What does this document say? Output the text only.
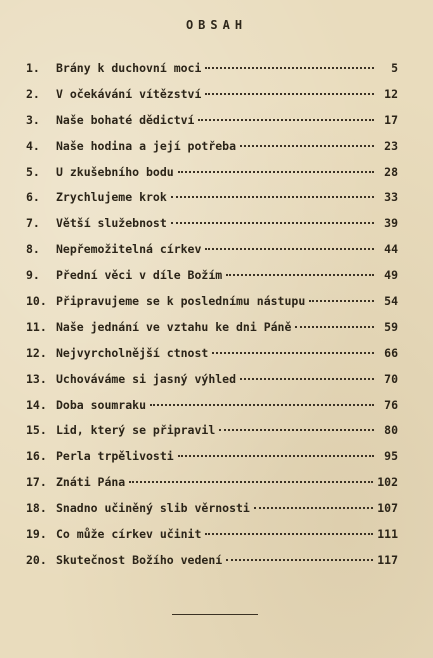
OBSAH
1.	Brány k duchovní moci	5
2.	V očekávání vítězství	12
3.	Naše bohaté dědictví	17
4.	Naše hodina a její potřeba	23
5.	U zkušebního bodu	28
6.	Zrychlujeme krok	33
7.	Větší služebnost	39
8.	Nepřemožitelná církev	44
9.	Přední věci v díle Božím	49
10. Připravujeme se k poslednímu nástupu	54
11. Naše jednání ve vztahu ke dni Páně	59
12. Nejvyrcholnější ctnost	66
13. Uchováváme si jasný výhled	70
14. Doba soumraku	76
15. Lid, který se připravil	80
16. Perla trpělivosti	95
17. Znáti Pána	102
18. Snadno učiněný slib věrnosti	107
19. Co může církev učinit	111
20. Skutečnost Božího vedení	117
